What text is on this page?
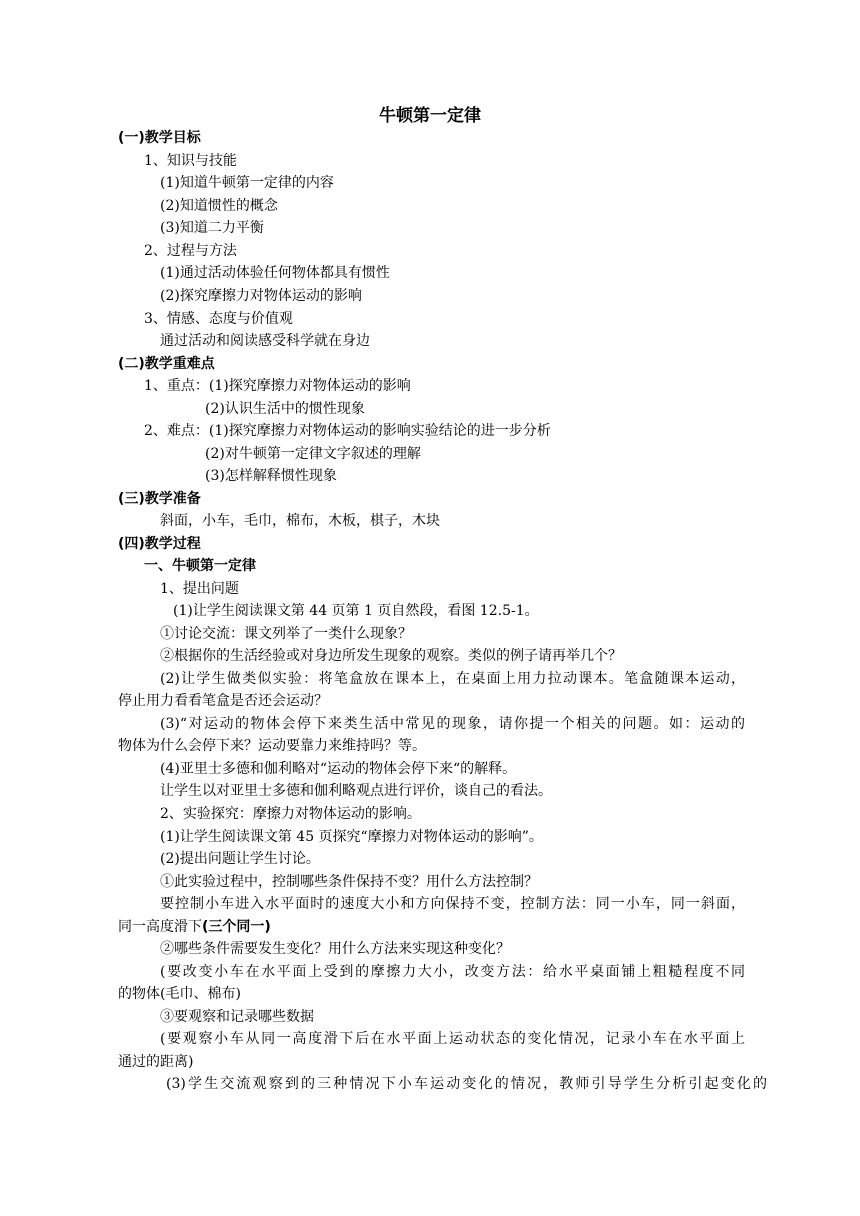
牛顿第一定律
(一)教学目标
1、知识与技能
(1)知道牛顿第一定律的内容
(2)知道惯性的概念
(3)知道二力平衡
2、过程与方法
(1)通过活动体验任何物体都具有惯性
(2)探究摩擦力对物体运动的影响
3、情感、态度与价值观
通过活动和阅读感受科学就在身边
(二)教学重难点
1、重点：(1)探究摩擦力对物体运动的影响
(2)认识生活中的惯性现象
2、难点：(1)探究摩擦力对物体运动的影响实验结论的进一步分析
(2)对牛顿第一定律文字叙述的理解
(3)怎样解释惯性现象
(三)教学准备
斜面，小车，毛巾，棉布，木板，棋子，木块
(四)教学过程
一、牛顿第一定律
1、提出问题
(1)让学生阅读课文第 44 页第 1 页自然段，看图 12.5-1。
①讨论交流：课文列举了一类什么现象？
②根据你的生活经验或对身边所发生现象的观察。类似的例子请再举几个？
(2)让学生做类似实验：将笔盒放在课本上，在桌面上用力拉动课本。笔盒随课本运动，
停止用力看看笔盒是否还会运动？
(3)“对运动的物体会停下来类生活中常见的现象，请你提一个相关的问题。如：运动的
物体为什么会停下来？运动要靠力来维持吗？等。
(4)亚里士多德和伽利略对“运动的物体会停下来“的解释。
让学生以对亚里士多德和伽利略观点进行评价，谈自己的看法。
2、实验探究：摩擦力对物体运动的影响。
(1)让学生阅读课文第 45 页探究“摩擦力对物体运动的影响”。
(2)提出问题让学生讨论。
①此实验过程中，控制哪些条件保持不变？用什么方法控制？
要控制小车进入水平面时的速度大小和方向保持不变，控制方法：同一小车，同一斜面，
同一高度滑下(三个同一)
②哪些条件需要发生变化？用什么方法来实现这种变化？
(要改变小车在水平面上受到的摩擦力大小，改变方法：给水平桌面铺上粗糙程度不同
的物体(毛巾、棉布)
③要观察和记录哪些数据
(要观察小车从同一高度滑下后在水平面上运动状态的变化情况，记录小车在水平面上
通过的距离)
(3)学生交流观察到的三种情况下小车运动变化的情况，教师引导学生分析引起变化的
